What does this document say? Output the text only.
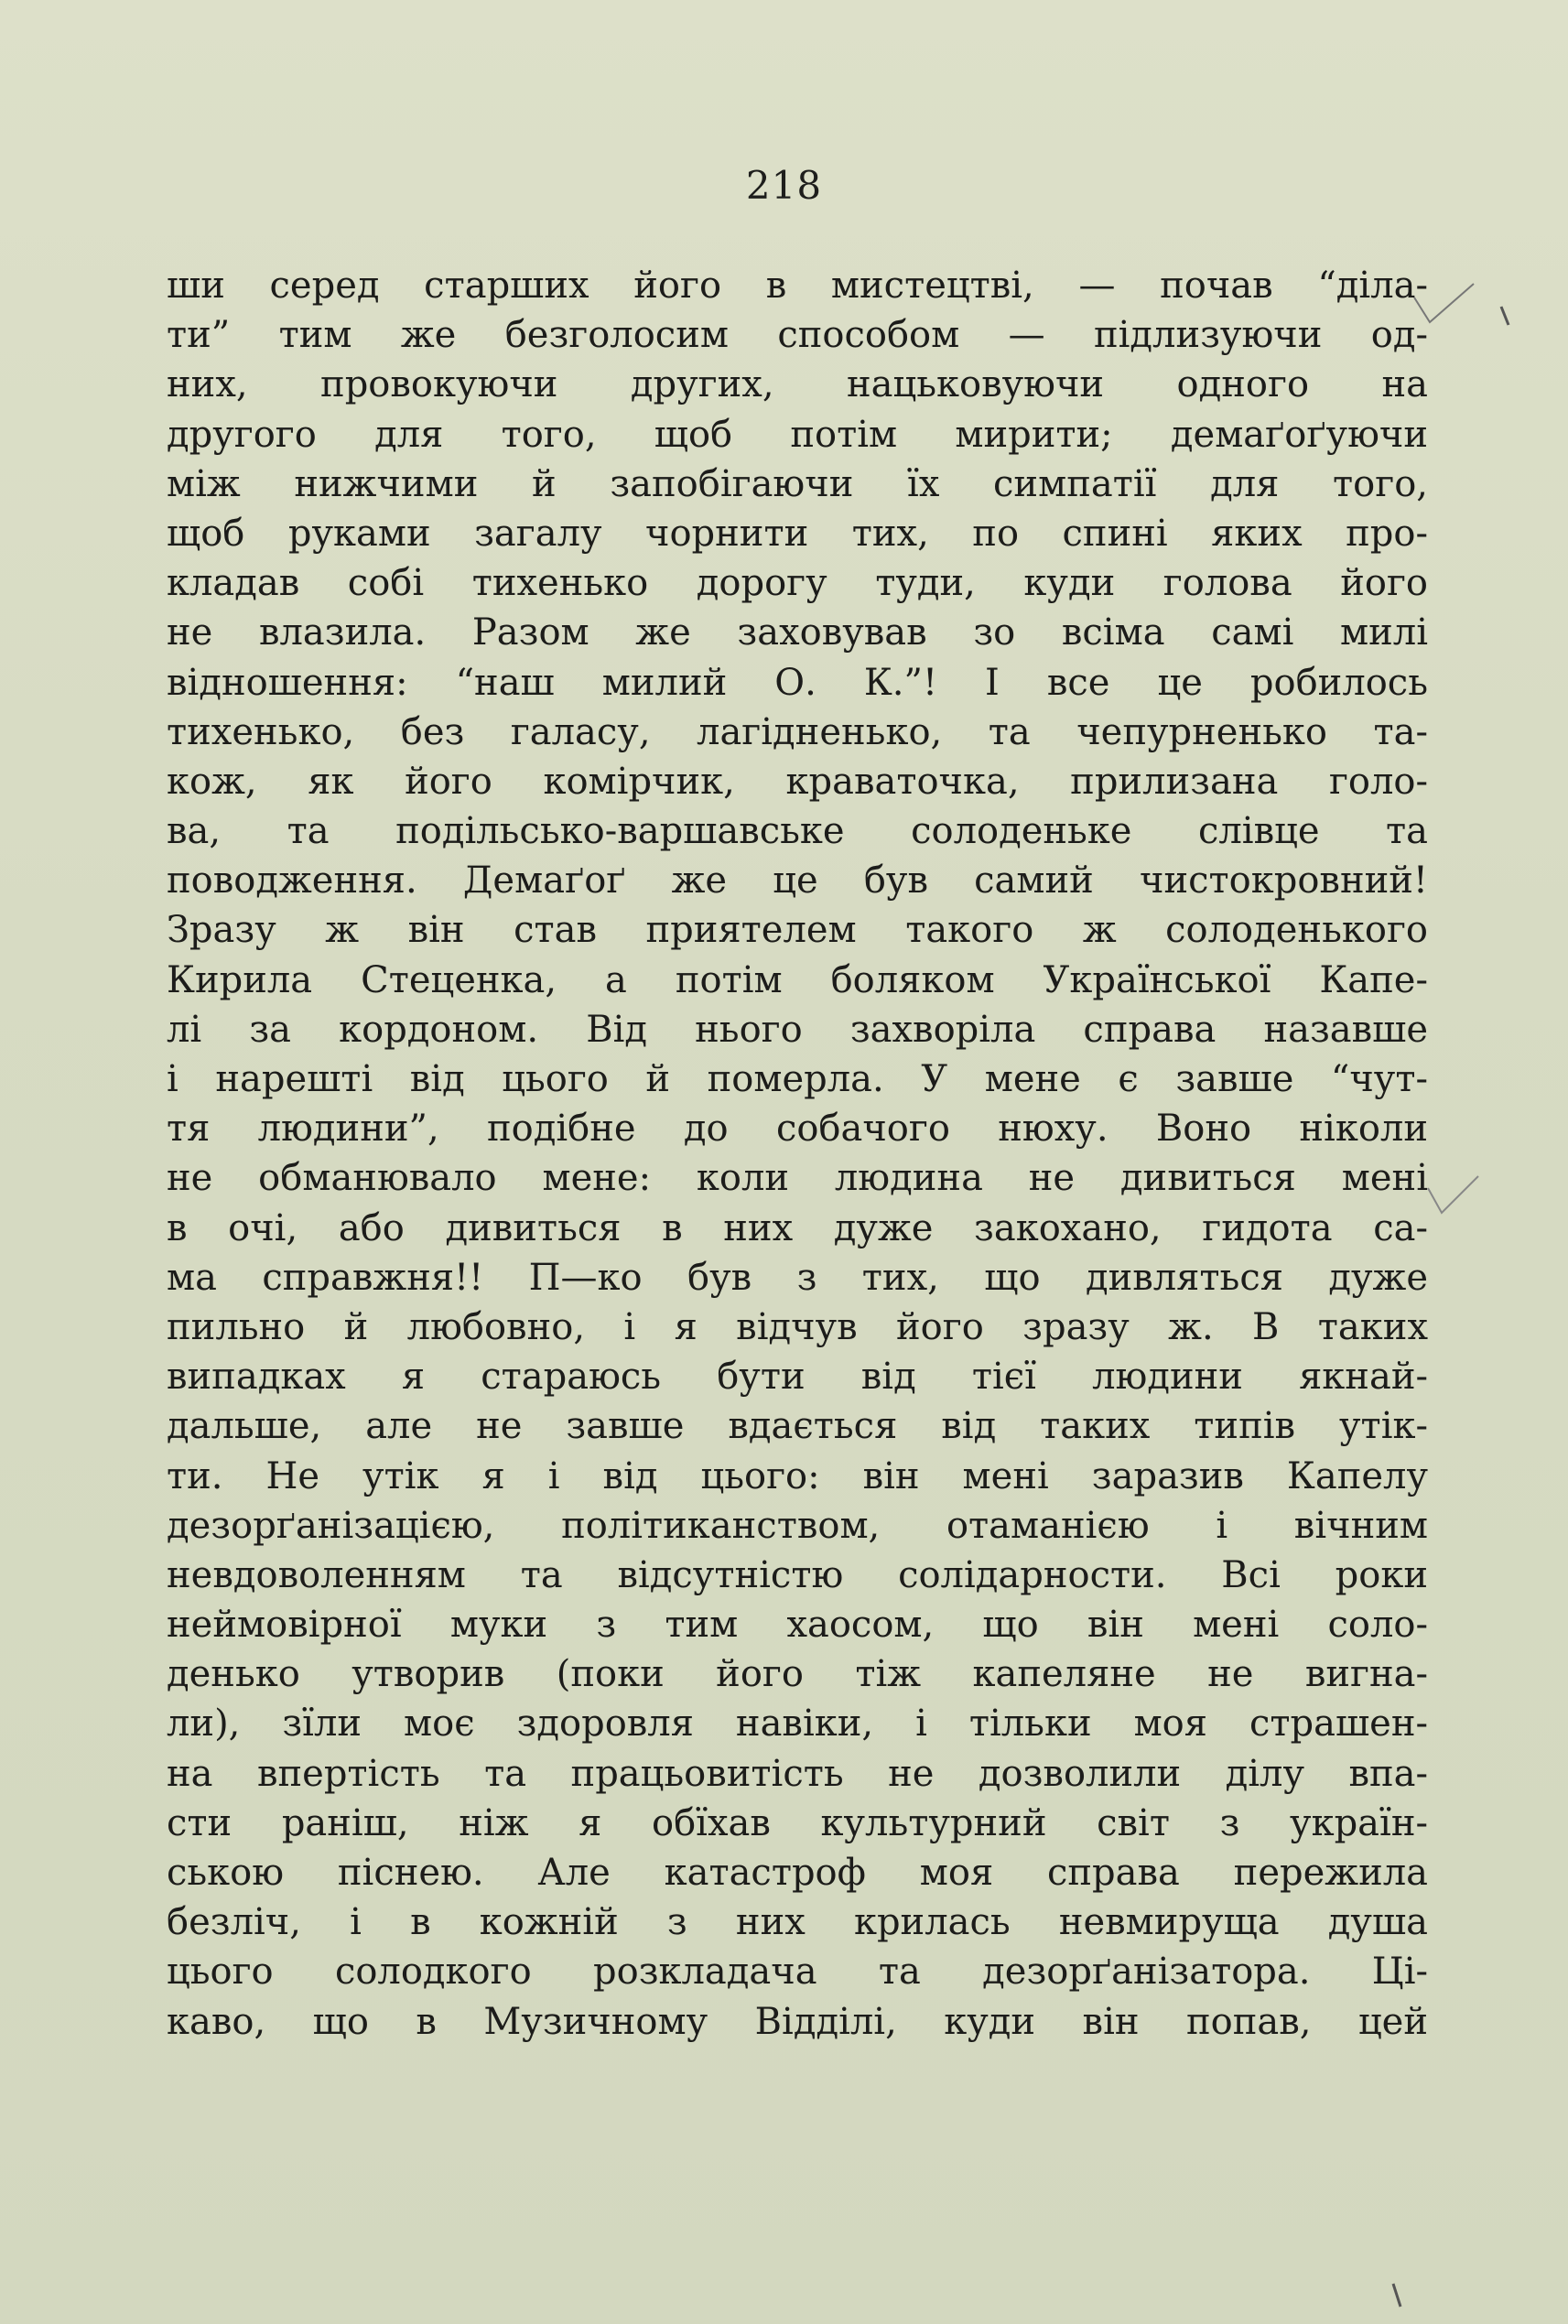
218
ши серед старших його в мистецтві, — почав “діла-
ти” тим же безголосим способом — підлизуючи од-
них, провокуючи других, нацьковуючи одного на
другого для того, щоб потім мирити; демаґоґуючи
між нижчими й запобігаючи їх симпатії для того,
щоб руками загалу чорнити тих, по спині яких про-
кладав собі тихенько дорогу туди, куди голова його
не влазила. Разом же заховував зо всіма самі милі
відношення: “наш милий О. К.”! І все це робилось
тихенько, без галасу, лагідненько, та чепурненько та-
кож, як його комірчик, краваточка, прилизана голо-
ва, та подільсько-варшавське солоденьке слівце та
поводження. Демаґоґ же це був самий чистокровний!
Зразу ж він став приятелем такого ж солоденького
Кирила Стеценка, а потім боляком Української Капе-
лі за кордоном. Від нього захворіла справа назавше
і нарешті від цього й померла. У мене є завше “чут-
тя людини”, подібне до собачого нюху. Воно ніколи
не обманювало мене: коли людина не дивиться мені
в очі, або дивиться в них дуже закохано, гидота са-
ма справжня!! П—ко був з тих, що дивляться дуже
пильно й любовно, і я відчув його зразу ж. В таких
випадках я стараюсь бути від тієї людини якнай-
дальше, але не завше вдається від таких типів утік-
ти. Не утік я і від цього: він мені заразив Капелу
дезорґанізацією, політиканством, отаманією і вічним
невдоволенням та відсутністю солідарности. Всі роки
неймовірної муки з тим хаосом, що він мені соло-
денько утворив (поки його тіж капеляне не вигна-
ли), зїли моє здоровля навіки, і тільки моя страшен-
на впертість та працьовитість не дозволили ділу впа-
сти раніш, ніж я обїхав культурний світ з україн-
ською піснею. Але катастроф моя справа пережила
безліч, і в кожній з них крилась невмируща душа
цього солодкого розкладача та дезорґанізатора. Ці-
каво, що в Музичному Відділі, куди він попав, цей
